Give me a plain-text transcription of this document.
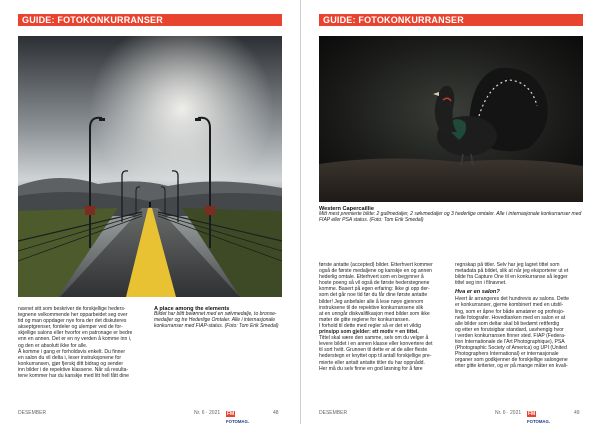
GUIDE: FOTOKONKURRANSER

navnet sitt som beskriver de forskjellige heders-

tegnene velkommende her opparbeidet seg over

tid og man oppdager nye fora der det diskuteres

akseptgrenser, fordeler og ulemper ved de for-

skjellige salons eller hvorfor en patronage er bedre

enn en annen. Det er en ny verden å komme inn i,

og den er absolutt ikke for alle.

Å komme i gang er forholdsvis enkelt. Du finner

en salon du vil delta i, leser instruksjonene for

konkurransen, gjør fjerskj ditt bidrag og sender

inn bilder i de repektive klassene. Når så resulta-

tene kommer har du kanskje med litt hell fått dine

A place among the elements

Bildet har blitt belønnet med en sølvmedalje, to bronse-medaljer og tre Hederlige Omtaler. Alle i internasjonale konkurranser med FIAP-status. (Foto: Tom Erik Smedal)

DESEMBER	Nr. 6 · 2021 FMFOTOMAG.
48
GUIDE: FOTOKONKURRANSER

Western Capercaillie

Mitt mest premierte bilde: 2 gullmedaljer, 2 sølvmedaljer og 3 hederlige omtaler. Alle i internasjonale konkurranser med FIAP eller PSA status. (Foto: Tom Erik Smedal)

første antatte (accepted) bilder. Etterhvert kommer

også de første medaljene og kanskje en og annen

hederlig omtale. Etterhvert som en begynner å

hoste poeng så vil også de første hederstegnene

komme. Basert på egen erfaring: Ikke gi opp der-

som det går noe tid før du får dine første antatte

bilder! Jeg anbefaler alle å lese nøye gjennom

instruksene til de repektive konkurransene slik

at en unngår diskvalifikasjon med bilder som ikke

møter de gitte reglene for konkurransen.

I forhold til dette med regler så er det et viktig

prinsipp som gjelder: ett motiv = en tittel.

Tittel skal være den samme, selv om du velger å

levere bildet i en annen klasse eller konvertere det

til sort hvitt. Grunnen til dette er at de aller fleste

hederstegn er knyttet opp til antall forskjellige pre-

mierte eller antatt antatte titler du har oppnådd.

Her må du selv finne en god løsning for å føre

regnskap på titler. Selv har jeg lagret tittel som

metadata på bildet, slik at når jeg eksporterer ut et

bilde fra Capture One til en konkurranse så legger

tittel seg inn i filnavnet.

Hva er en salon?

Hvert år arrangeres det hundrevis av salons. Dette

er konkurranser, gjerne kombinert med en utstil-

ling, som er åpne for både amatører og profesjo-

nelle fotografer. Hovedtanken med en salon er at

alle bilder som deltar skal bli bedømt rettferdig

og etter en forutsigbar standard, uavhengig hvor

i verden konkurransen finner sted. FIAP (Federa-

tion Internationale de l'Art Photographique), PSA

(Photographic Society of America) og UPI (United

Photographers International) er internasjonale

organer som godkjenner de forskjellige salongene

etter gitte kriterier, og er på mange måter en kvali-

DESEMBER	Nr. 6 · 2021 FMFOTOMAG.
49
